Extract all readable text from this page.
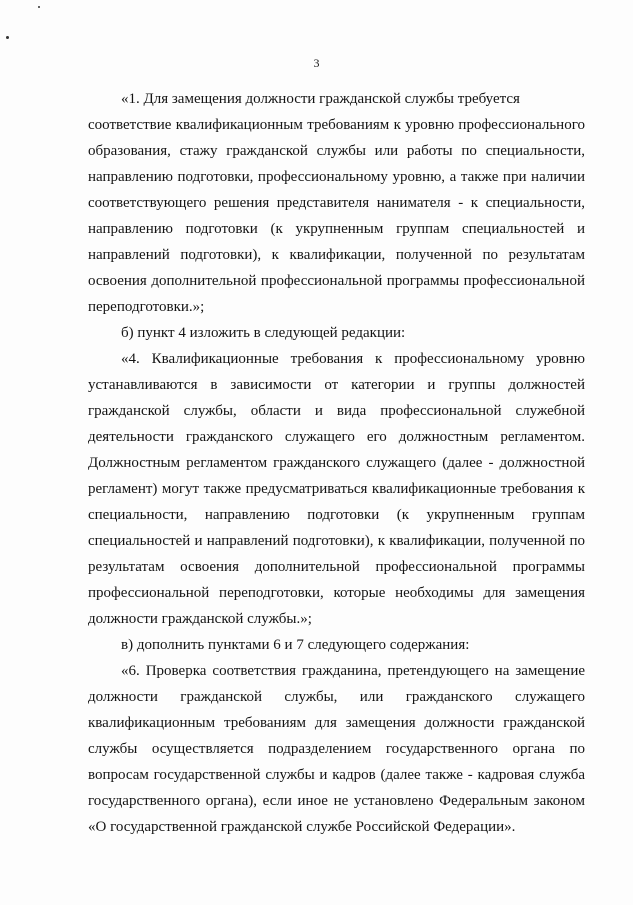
3
«1. Для замещения должности гражданской службы требуется
соответствие квалификационным требованиям к уровню профессионального
образования, стажу гражданской службы или работы по специальности,
направлению подготовки, профессиональному уровню, а также при наличии
соответствующего решения представителя нанимателя - к специальности,
направлению подготовки (к укрупненным группам специальностей и
направлений подготовки), к квалификации, полученной по результатам
освоения дополнительной профессиональной программы профессиональной
переподготовки.»;
б) пункт 4 изложить в следующей редакции:
«4. Квалификационные требования к профессиональному уровню
устанавливаются в зависимости от категории и группы должностей
гражданской службы, области и вида профессиональной служебной
деятельности гражданского служащего его должностным регламентом.
Должностным регламентом гражданского служащего (далее - должностной
регламент) могут также предусматриваться квалификационные требования к
специальности, направлению подготовки (к укрупненным группам
специальностей и направлений подготовки), к квалификации, полученной по
результатам освоения дополнительной профессиональной программы
профессиональной переподготовки, которые необходимы для замещения
должности гражданской службы.»;
в) дополнить пунктами 6 и 7 следующего содержания:
«6. Проверка соответствия гражданина, претендующего на замещение
должности гражданской службы, или гражданского служащего
квалификационным требованиям для замещения должности гражданской
службы осуществляется подразделением государственного органа по
вопросам государственной службы и кадров (далее также - кадровая служба
государственного органа), если иное не установлено Федеральным законом
«О государственной гражданской службе Российской Федерации».
